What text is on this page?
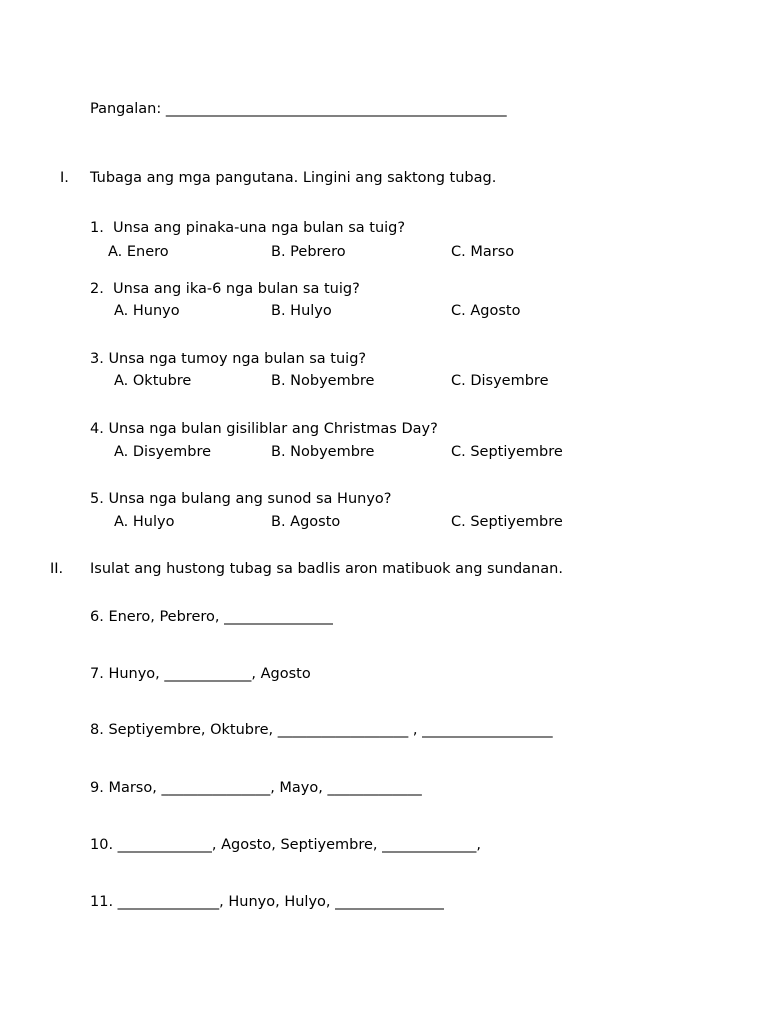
Pangalan: _______________________________________________
I. Tubaga ang mga pangutana. Lingini ang saktong tubag.
1.  Unsa ang pinaka-una nga bulan sa tuig?
A. Enero	B. Pebrero	C. Marso
2.  Unsa ang ika-6 nga bulan sa tuig?
A. Hunyo	B. Hulyo	C. Agosto
3. Unsa nga tumoy nga bulan sa tuig?
A. Oktubre	B. Nobyembre	C. Disyembre
4. Unsa nga bulan gisiliblar ang Christmas Day?
A. Disyembre	B. Nobyembre	C. Septiyembre
5. Unsa nga bulang ang sunod sa Hunyo?
A. Hulyo	B. Agosto	C. Septiyembre
II. Isulat ang hustong tubag sa badlis aron matibuok ang sundanan.
6. Enero, Pebrero, _______________
7. Hunyo, ____________, Agosto
8. Septiyembre, Oktubre, __________________ , __________________
9. Marso, _______________, Mayo, _____________
10. _____________, Agosto, Septiyembre, _____________,
11. ______________, Hunyo, Hulyo, _______________
